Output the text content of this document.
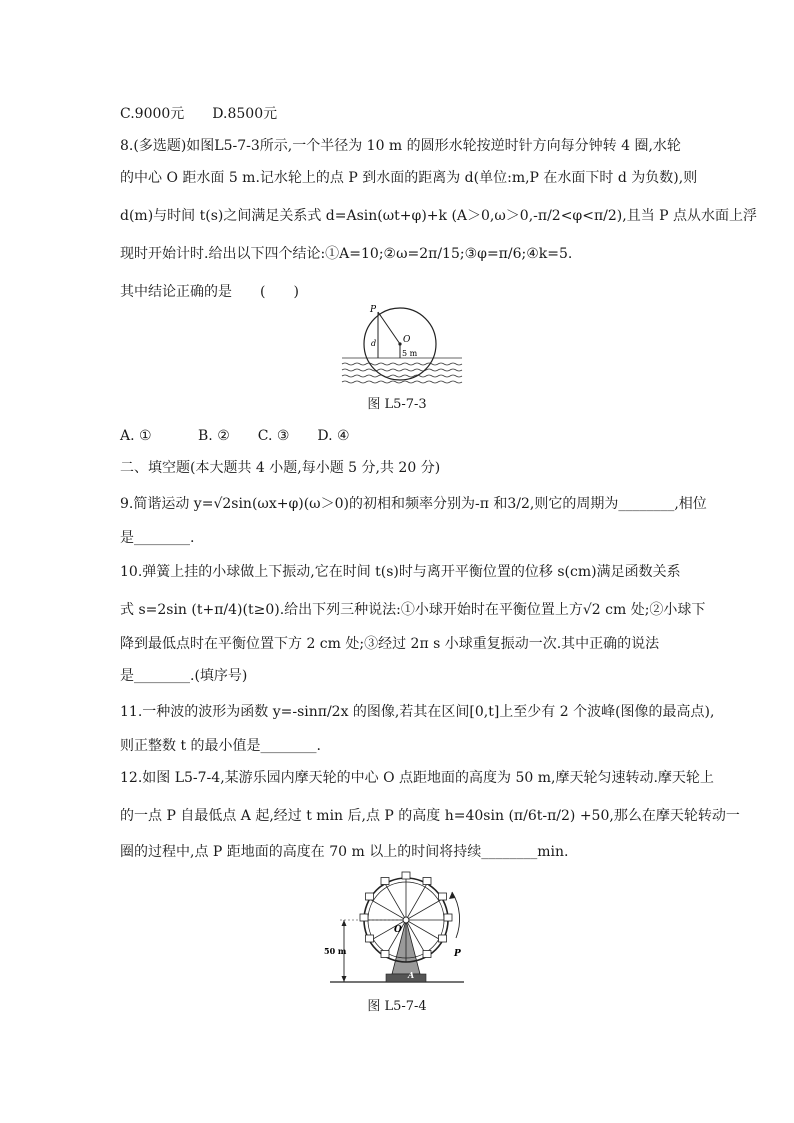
C.9000元　　D.8500元
8.(多选题)如图L5-7-3所示,一个半径为 10 m 的圆形水轮按逆时针方向每分钟转 4 圈,水轮
的中心 O 距水面 5 m.记水轮上的点 P 到水面的距离为 d(单位:m,P 在水面下时 d 为负数),则
d(m)与时间 t(s)之间满足关系式 d=Asin(ωt+φ)+k (A＞0,ω＞0,-π/2<φ<π/2),且当 P 点从水面上浮
现时开始计时.给出以下四个结论:①A=10;②ω=2π/15;③φ=π/6;④k=5.
其中结论正确的是　　(　　)
P
O
d
5 m
图 L5-7-3
A. ①　　　 B. ②　　C. ③　　D. ④
二、填空题(本大题共 4 小题,每小题 5 分,共 20 分)
9.简谐运动 y=√2sin(ωx+φ)(ω＞0)的初相和频率分别为-π 和3/2,则它的周期为________,相位
是________.
10.弹簧上挂的小球做上下振动,它在时间 t(s)时与离开平衡位置的位移 s(cm)满足函数关系
式 s=2sin (t+π/4)(t≥0).给出下列三种说法:①小球开始时在平衡位置上方√2 cm 处;②小球下
降到最低点时在平衡位置下方 2 cm 处;③经过 2π s 小球重复振动一次.其中正确的说法
是________.(填序号)
11.一种波的波形为函数 y=-sinπ/2x 的图像,若其在区间[0,t]上至少有 2 个波峰(图像的最高点),
则正整数 t 的最小值是________.
12.如图 L5-7-4,某游乐园内摩天轮的中心 O 点距地面的高度为 50 m,摩天轮匀速转动.摩天轮上
的一点 P 自最低点 A 起,经过 t min 后,点 P 的高度 h=40sin (π/6t-π/2) +50,那么在摩天轮转动一
圈的过程中,点 P 距地面的高度在 70 m 以上的时间将持续________min.
50 m
O
P
A
图 L5-7-4
